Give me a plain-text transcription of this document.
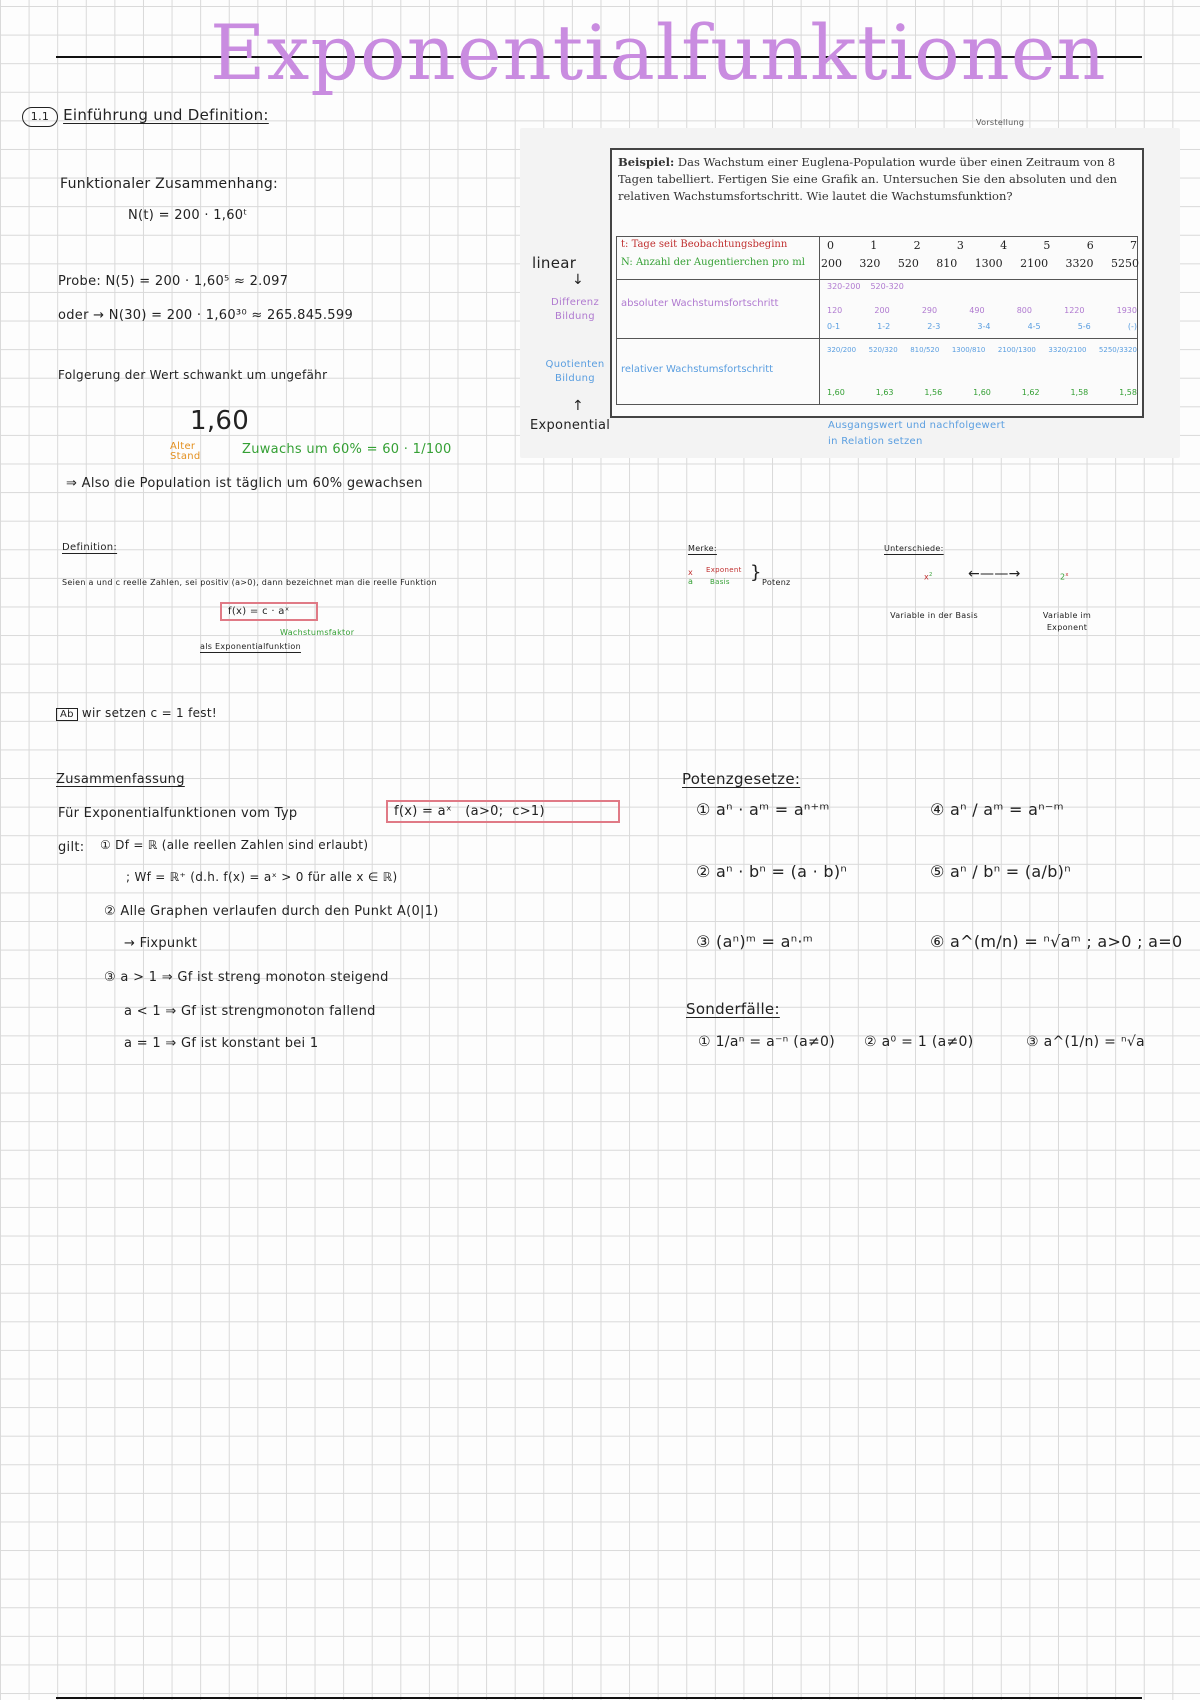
Exponentialfunktionen
1.1 Einführung und Definition:
Funktionaler Zusammenhang:
N(t) = 200 · 1,60ᵗ
Probe: N(5) = 200 · 1,60⁵ ≈ 2.097
oder → N(30) = 200 · 1,60³⁰ ≈ 265.845.599
Folgerung der Wert schwankt um ungefähr
1,60
Alter Stand	Zuwachs um 60% = 60 · 1/100
⇒ Also die Population ist täglich um 60% gewachsen
Vorstellung
Beispiel: Das Wachstum einer Euglena-Population wurde über einen Zeitraum von 8 Tagen tabelliert. Fertigen Sie eine Grafik an. Untersuchen Sie den absoluten und den relativen Wachstumsfortschritt. Wie lautet die Wachstumsfunktion?
t: Tage seit Beobachtungsbeginn
N: Anzahl der Augentierchen pro ml
0	1	2	3	4	5	6	7
200 320 520 810 1300 2100 3320 5250
absoluter Wachstumsfortschritt
320-200 520-320
120	200	290	490	800	1220	1930
0-1	1-2	2-3	3-4	4-5	5-6	(-)
relativer Wachstumsfortschritt
320/200 520/320 810/520 1300/810 2100/1300 3320/2100 5250/3320
1,60	1,63	1,56	1,60	1,62	1,58	1,58
Ausgangswert und nachfolgewert
in Relation setzen
linear
↓
Differenz Bildung
Quotienten Bildung
↑
Exponential
Definition:
Seien a und c reelle Zahlen, sei positiv (a>0), dann bezeichnet man die reelle Funktion
f(x) = c · aˣ
Wachstumsfaktor
als Exponentialfunktion
Merke:
Exponent
Basis
x
a	} Potenz
Unterschiede:
$x^2$	←——→	$2^x$
Variable in der Basis	Variable im Exponent
Ab wir setzen c = 1 fest!
Zusammenfassung
Für Exponentialfunktionen vom Typ	f(x) = aˣ   (a>0;  c>1)
gilt: ① Df = ℝ (alle reellen Zahlen sind erlaubt)
; Wf = ℝ⁺ (d.h. f(x) = aˣ > 0 für alle x ∈ ℝ)
② Alle Graphen verlaufen durch den Punkt A(0|1)
→ Fixpunkt
③ a > 1 ⇒ Gf ist streng monoton steigend
a < 1 ⇒ Gf ist strengmonoton fallend
a = 1 ⇒ Gf ist konstant bei 1
Potenzgesetze:
① aⁿ · aᵐ = aⁿ⁺ᵐ	④ aⁿ / aᵐ = aⁿ⁻ᵐ
② aⁿ · bⁿ = (a · b)ⁿ	⑤ aⁿ / bⁿ = (a/b)ⁿ
③ (aⁿ)ᵐ = aⁿ·ᵐ	⑥ a^(m/n) = ⁿ√aᵐ ; a>0 ; a=0
Sonderfälle:
① 1/aⁿ = a⁻ⁿ (a≠0) ② a⁰ = 1 (a≠0)	③ a^(1/n) = ⁿ√a
